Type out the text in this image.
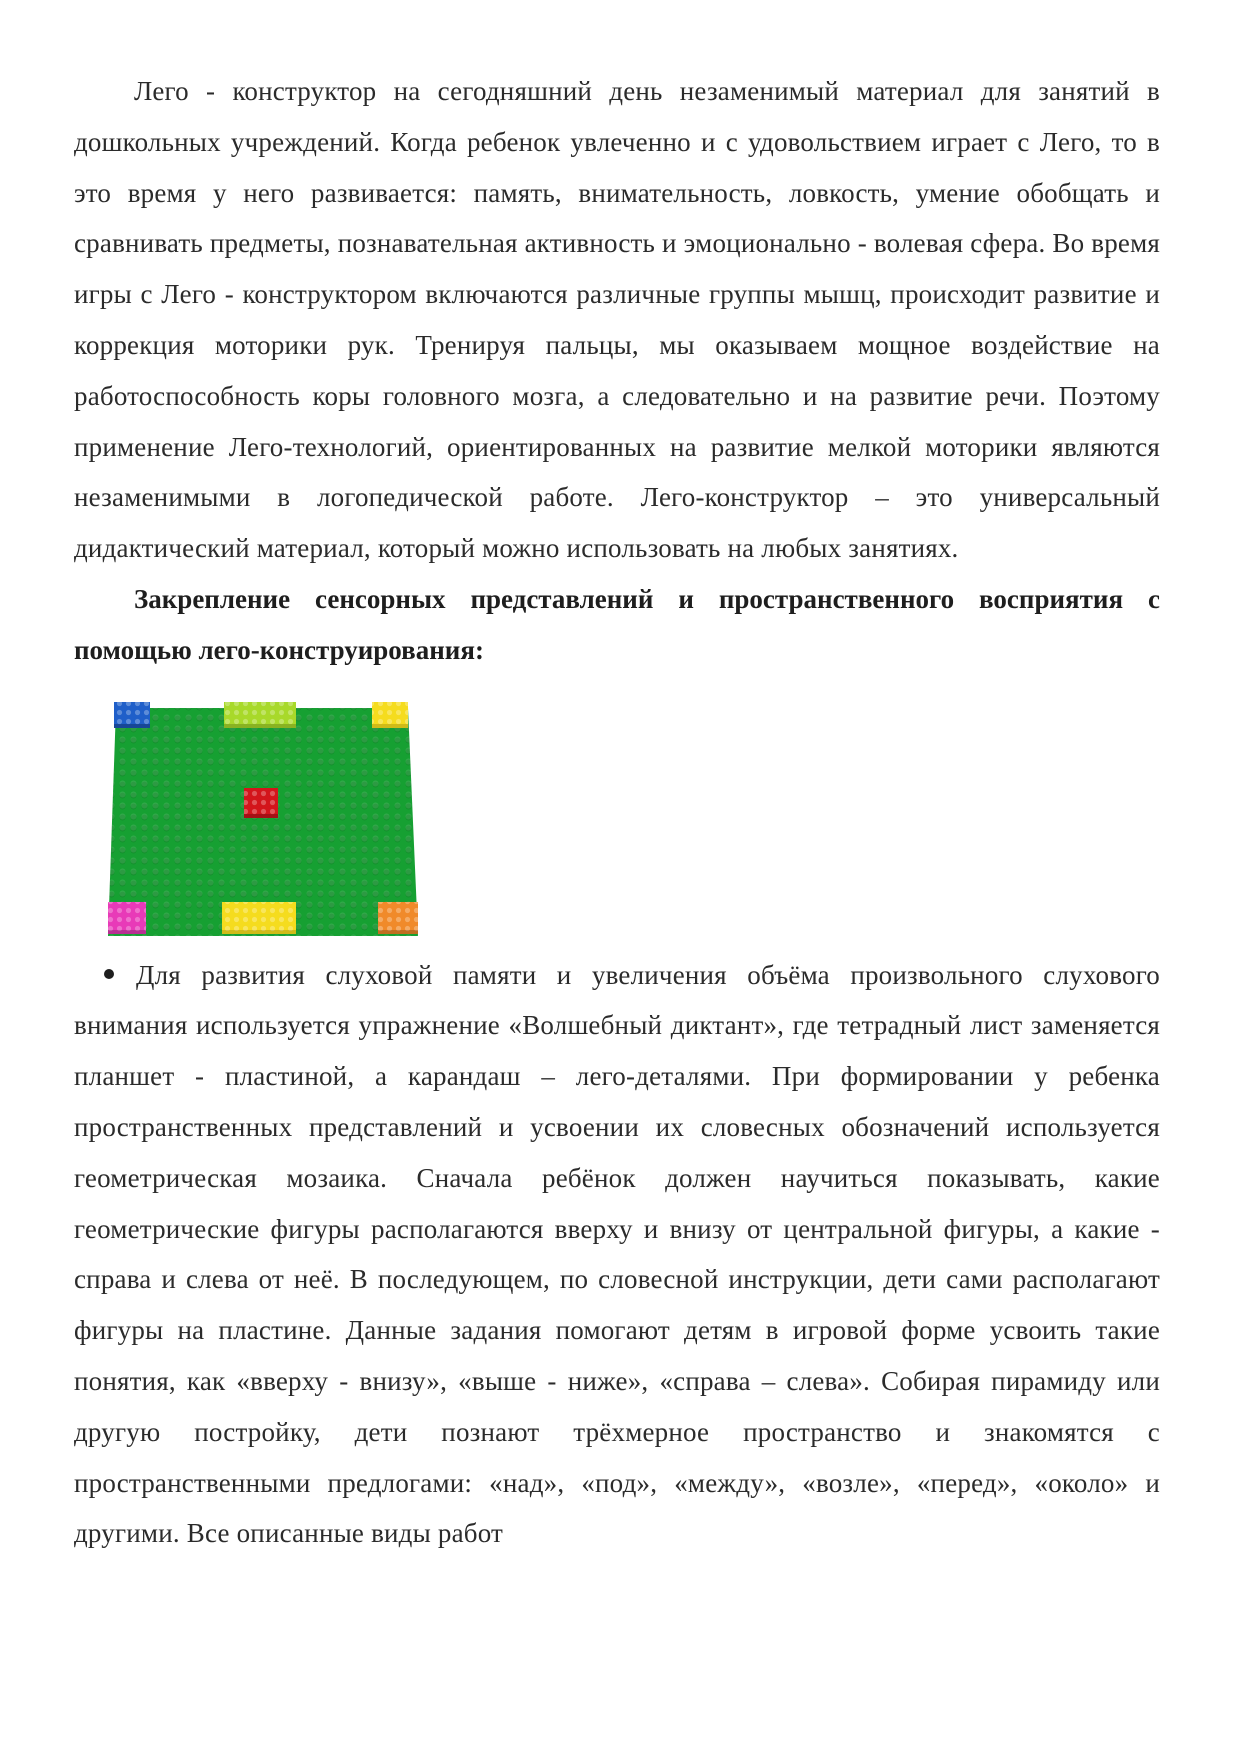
Лего - конструктор на сегодняшний день незаменимый материал для занятий в дошкольных учреждений. Когда ребенок увлеченно и с удовольствием играет с Лего, то в это время у него развивается: память, внимательность, ловкость, умение обобщать и сравнивать предметы, познавательная активность и эмоционально - волевая сфера. Во время игры с Лего - конструктором включаются различные группы мышц, происходит развитие и коррекция моторики рук. Тренируя пальцы, мы оказываем мощное воздействие на работоспособность коры головного мозга, а следовательно и на развитие речи. Поэтому применение Лего-технологий, ориентированных на развитие мелкой моторики являются незаменимыми в логопедической работе. Лего-конструктор – это универсальный дидактический материал, который можно использовать на любых занятиях.

Закрепление сенсорных представлений и пространственного восприятия с помощью лего-конструирования:

Для развития слуховой памяти и увеличения объёма произвольного слухового внимания используется упражнение «Волшебный диктант», где тетрадный лист заменяется планшет - пластиной, а карандаш – лего-деталями. При формировании у ребенка пространственных представлений и усвоении их словесных обозначений используется геометрическая мозаика. Сначала ребёнок должен научиться показывать, какие геометрические фигуры располагаются вверху и внизу от центральной фигуры, а какие - справа и слева от неё. В последующем, по словесной инструкции, дети сами располагают фигуры на пластине. Данные задания помогают детям в игровой форме усвоить такие понятия, как «вверху - внизу», «выше - ниже», «справа – слева». Собирая пирамиду или другую постройку, дети познают трёхмерное пространство и знакомятся с пространственными предлогами: «над», «под», «между», «возле», «перед», «около» и другими. Все описанные виды работ
